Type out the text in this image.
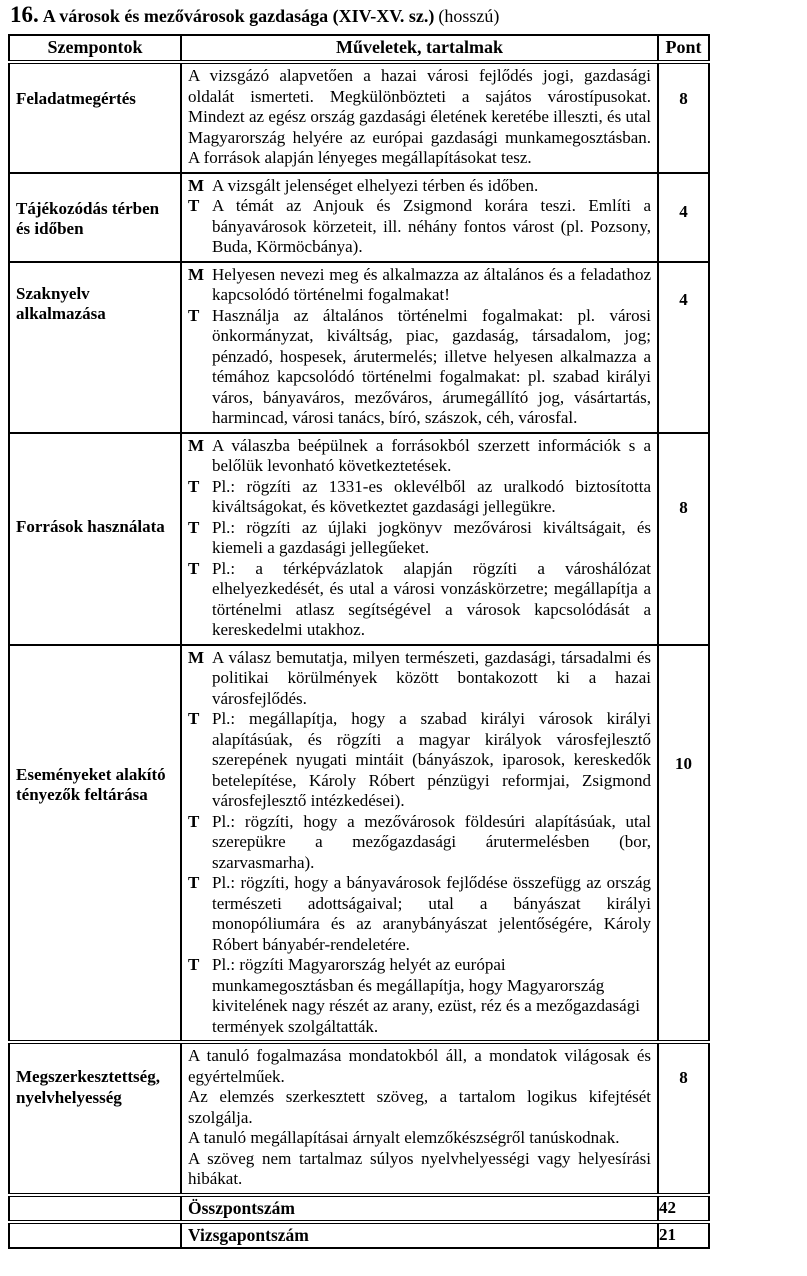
16. A városok és mezővárosok gazdasága (XIV-XV. sz.) (hosszú)
Szempontok	Műveletek, tartalmak	Pont

Feladatmegértés	A vizsgázó alapvetően a hazai városi fejlődés jogi, gazdasági oldalát ismerteti. Megkülönbözteti a sajátos várostípusokat. Mindezt az egész ország gazdasági életének keretébe illeszti, és utal Magyarország helyére az európai gazdasági munkamegosztásban. A források alapján lényeges megállapításokat tesz.	8

Tájékozódás térben és időben	M A vizsgált jelenséget elhelyezi térben és időben.
T A témát az Anjouk és Zsigmond korára teszi. Említi a bányavárosok körzeteit, ill. néhány fontos várost (pl. Pozsony, Buda, Körmöcbánya).	4

Szaknyelv alkalmazása	M Helyesen nevezi meg és alkalmazza az általános és a feladathoz kapcsolódó történelmi fogalmakat!
T Használja az általános történelmi fogalmakat: pl. városi önkormányzat, kiváltság, piac, gazdaság, társadalom, jog; pénzadó, hospesek, árutermelés; illetve helyesen alkalmazza a témához kapcsolódó történelmi fogalmakat: pl. szabad királyi város, bányaváros, mezőváros, árumegállító jog, vásártartás, harmincad, városi tanács, bíró, szászok, céh, városfal.	4

Források használata	M A válaszba beépülnek a forrásokból szerzett információk s a belőlük levonható következtetések.
T Pl.: rögzíti az 1331-es oklevélből az uralkodó biztosította kiváltságokat, és következtet gazdasági jellegükre.
T Pl.: rögzíti az újlaki jogkönyv mezővárosi kiváltságait, és kiemeli a gazdasági jellegűeket.
T Pl.: a térképvázlatok alapján rögzíti a városhálózat elhelyezkedését, és utal a városi vonzáskörzetre; megállapítja a történelmi atlasz segítségével a városok kapcsolódását a kereskedelmi utakhoz.	8

Eseményeket alakító tényezők feltárása	M A válasz bemutatja, milyen természeti, gazdasági, társadalmi és politikai körülmények között bontakozott ki a hazai városfejlődés.
T Pl.: megállapítja, hogy a szabad királyi városok királyi alapításúak, és rögzíti a magyar királyok városfejlesztő szerepének nyugati mintáit (bányászok, iparosok, kereskedők betelepítése, Károly Róbert pénzügyi reformjai, Zsigmond városfejlesztő intézkedései).
T Pl.: rögzíti, hogy a mezővárosok földesúri alapításúak, utal szerepükre a mezőgazdasági árutermelésben (bor, szarvasmarha).
T Pl.: rögzíti, hogy a bányavárosok fejlődése összefügg az ország természeti adottságaival; utal a bányászat királyi monopóliumára és az aranybányászat jelentőségére, Károly Róbert bányabér-rendeletére.
T Pl.: rögzíti Magyarország helyét az európai munkamegosztásban és megállapítja, hogy Magyarország kivitelének nagy részét az arany, ezüst, réz és a mezőgazdasági termények szolgáltatták.	10

Megszerkesztettség, nyelvhelyesség	A tanuló fogalmazása mondatokból áll, a mondatok világosak és egyértelműek.
Az elemzés szerkesztett szöveg, a tartalom logikus kifejtését szolgálja.
A tanuló megállapításai árnyalt elemzőkészségről tanúskodnak.
A szöveg nem tartalmaz súlyos nyelvhelyességi vagy helyesírási hibákat.	8

	Összpontszám	42
	Vizsgapontszám	21
